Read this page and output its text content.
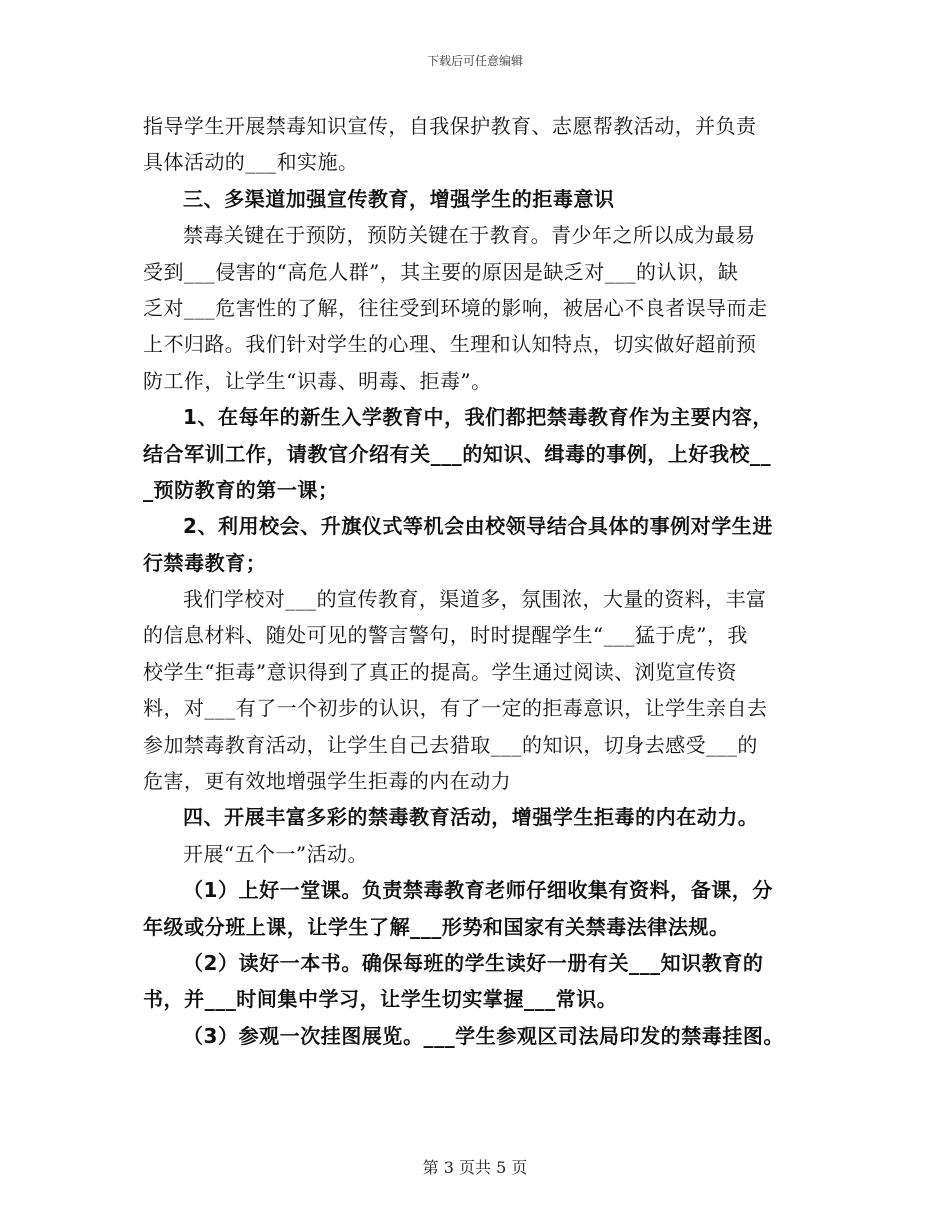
下载后可任意编辑
指导学生开展禁毒知识宣传，自我保护教育、志愿帮教活动，并负责
具体活动的___和实施。
三、多渠道加强宣传教育，增强学生的拒毒意识
禁毒关键在于预防，预防关键在于教育。青少年之所以成为最易
受到___侵害的“高危人群”，其主要的原因是缺乏对___的认识，缺
乏对___危害性的了解，往往受到环境的影响，被居心不良者误导而走
上不归路。我们针对学生的心理、生理和认知特点，切实做好超前预
防工作，让学生“识毒、明毒、拒毒”。
1、在每年的新生入学教育中，我们都把禁毒教育作为主要内容，
结合军训工作，请教官介绍有关___的知识、缉毒的事例，上好我校__
_预防教育的第一课；
2、利用校会、升旗仪式等机会由校领导结合具体的事例对学生进
行禁毒教育；
我们学校对___的宣传教育，渠道多，氛围浓，大量的资料，丰富
的信息材料、随处可见的警言警句，时时提醒学生“___猛于虎”，我
校学生“拒毒”意识得到了真正的提高。学生通过阅读、浏览宣传资
料，对___有了一个初步的认识，有了一定的拒毒意识，让学生亲自去
参加禁毒教育活动，让学生自己去猎取___的知识，切身去感受___的
危害，更有效地增强学生拒毒的内在动力
四、开展丰富多彩的禁毒教育活动，增强学生拒毒的内在动力。
开展“五个一”活动。
（1）上好一堂课。负责禁毒教育老师仔细收集有资料，备课，分
年级或分班上课，让学生了解___形势和国家有关禁毒法律法规。
（2）读好一本书。确保每班的学生读好一册有关___知识教育的
书，并___时间集中学习，让学生切实掌握___常识。
（3）参观一次挂图展览。___学生参观区司法局印发的禁毒挂图。
第 3 页共 5 页
